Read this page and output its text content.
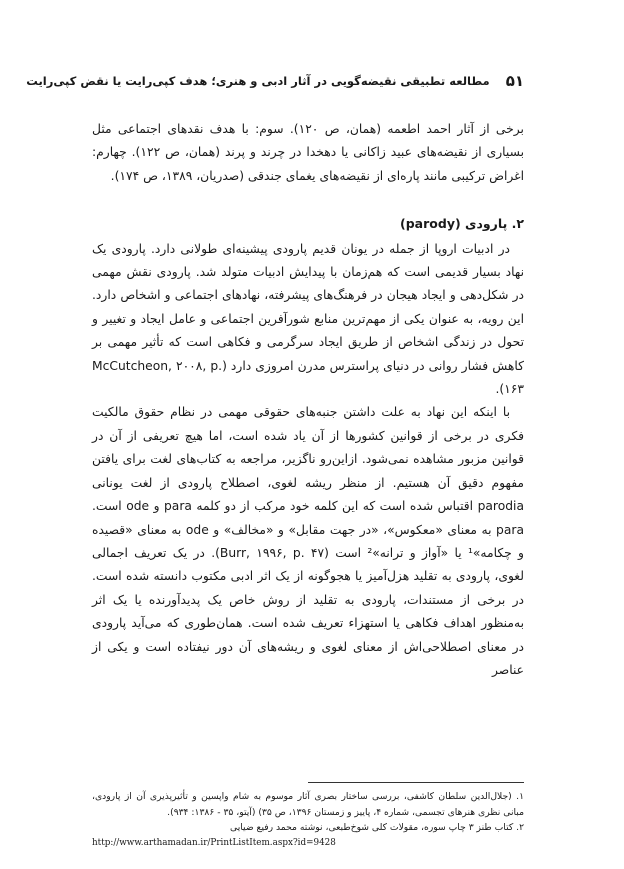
۵۱
مطالعه تطبیقی نقیضه‌گویی در آثار ادبی و هنری؛ هدف کپی‌رایت یا نقض کپی‌رایت

برخی از آثار احمد اطعمه (همان، ص ۱۲۰). سوم: با هدف نقدهای اجتماعی مثل بسیاری از نقیضه‌های عبید زاکانی یا دهخدا در چرند و پرند (همان، ص ۱۲۲). چهارم: اغراض ترکیبی مانند پاره‌ای از نقیضه‌های یغمای جندقی (صدریان، ۱۳۸۹، ص ۱۷۴).

۲. پارودی (parody)

در ادبیات اروپا از جمله در یونان قدیم پارودی پیشینه‌ای طولانی دارد. پارودی یک نهاد بسیار قدیمی است که هم‌زمان با پیدایش ادبیات متولد شد. پارودی نقش مهمی در شکل‌دهی و ایجاد هیجان در فرهنگ‌های پیشرفته، نهادهای اجتماعی و اشخاص دارد. این رویه، به عنوان یکی از مهم‌ترین منابع شورآفرین اجتماعی و عامل ایجاد و تغییر و تحول در زندگی اشخاص از طریق ایجاد سرگرمی و فکاهی است که تأثیر مهمی بر کاهش فشار روانی در دنیای پراسترس مدرن امروزی دارد (McCutcheon, ۲۰۰۸, p. ۱۶۳).

با اینکه این نهاد به علت داشتن جنبه‌های حقوقی مهمی در نظام حقوق مالکیت فکری در برخی از قوانین کشورها از آن یاد شده است، اما هیچ تعریفی از آن در قوانین مزبور مشاهده نمی‌شود. ازاین‌رو ناگزیر، مراجعه به کتاب‌های لغت برای یافتن مفهوم دقیق آن هستیم. از منظر ریشه لغوی، اصطلاح پارودی از لغت یونانی parodia اقتباس شده است که این کلمه خود مرکب از دو کلمه para و ode است. para به معنای «معکوس»، «در جهت مقابل» و «مخالف» و ode به معنای «قصیده و چکامه»¹ یا «آواز و ترانه»² است (Burr, ۱۹۹۶, p. ۴۷). در یک تعریف اجمالی لغوی، پارودی به تقلید هزل‌آمیز یا هجوگونه از یک اثر ادبی مکتوب دانسته شده است. در برخی از مستندات، پارودی به تقلید از روش خاص یک پدیدآورنده یا یک اثر به‌منظور اهداف فکاهی یا استهزاء تعریف شده است. همان‌طوری که می‌آید پارودی در معنای اصطلاحی‌اش از معنای لغوی و ریشه‌های آن دور نیفتاده است و یکی از عناصر

۱. (جلال‌الدین سلطان کاشفی، بررسی ساختار بصری آثار موسوم به شام واپسین و تأثیرپذیری آن از پارودی، مبانی نظری هنرهای تجسمی، شماره ۴، پاییز و زمستان ۱۳۹۶، ص ۳۵) (آیتو، ۳۵ - ۱۳۸۶: ۹۳۴).

۲. کتاب طنز ۳ چاپ سوره، مقولات کلی شوخ‌طبعی، نوشته محمد رفیع ضیایی

http://www.arthamadan.ir/PrintListItem.aspx?id=9428
